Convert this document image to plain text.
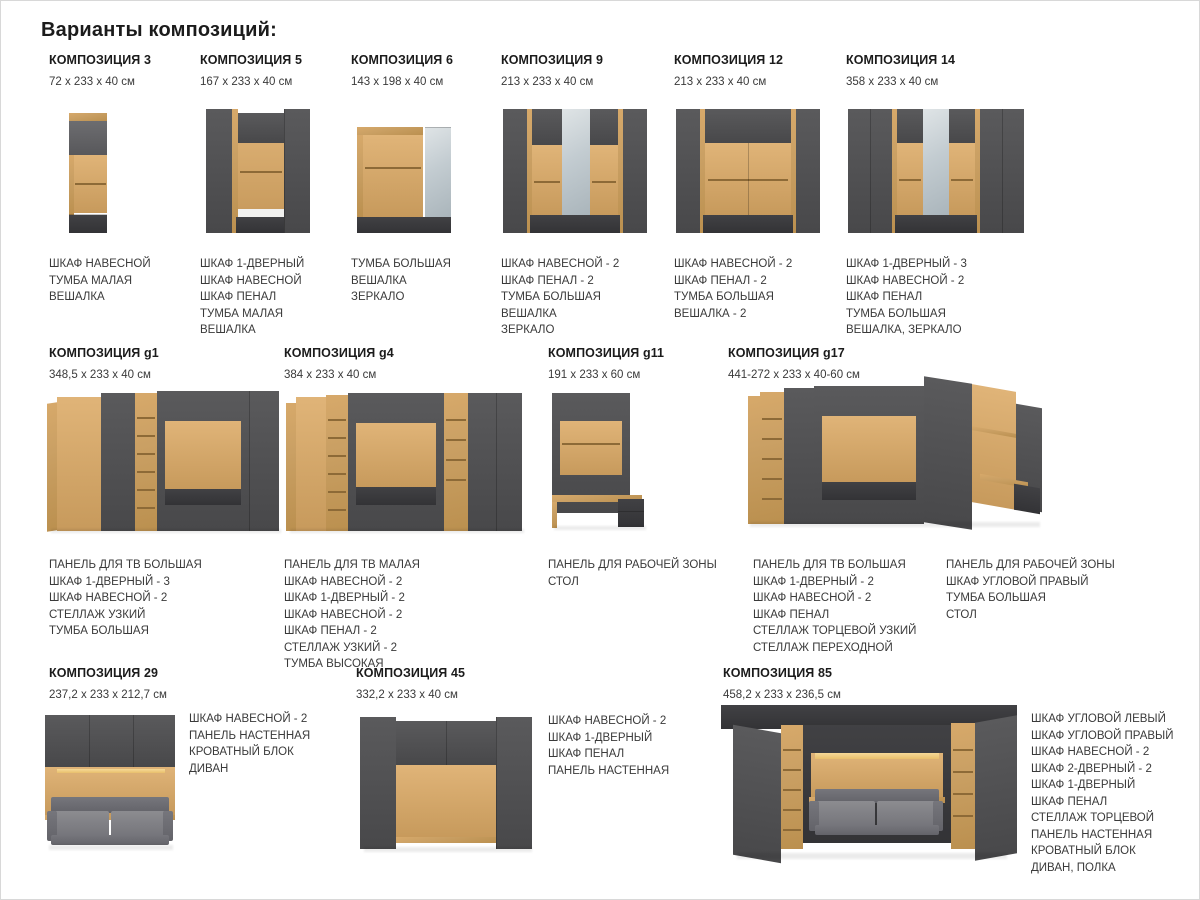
Варианты композиций:
КОМПОЗИЦИЯ 3
72 x 233 x 40 см
КОМПОЗИЦИЯ 5
167 x 233 x 40 см
КОМПОЗИЦИЯ 6
143 x 198 x 40 см
КОМПОЗИЦИЯ 9
213 x 233 x 40 см
КОМПОЗИЦИЯ 12
213 x 233 x 40 см
КОМПОЗИЦИЯ 14
358 x 233 x 40 см
ШКАФ НАВЕСНОЙ
ТУМБА МАЛАЯ
ВЕШАЛКА
ШКАФ 1-ДВЕРНЫЙ
ШКАФ НАВЕСНОЙ
ШКАФ ПЕНАЛ
ТУМБА МАЛАЯ
ВЕШАЛКА
ТУМБА БОЛЬШАЯ
ВЕШАЛКА
ЗЕРКАЛО
ШКАФ НАВЕСНОЙ - 2
ШКАФ ПЕНАЛ - 2
ТУМБА БОЛЬШАЯ
ВЕШАЛКА
ЗЕРКАЛО
ШКАФ НАВЕСНОЙ - 2
ШКАФ ПЕНАЛ - 2
ТУМБА БОЛЬШАЯ
ВЕШАЛКА - 2
ШКАФ 1-ДВЕРНЫЙ - 3
ШКАФ НАВЕСНОЙ - 2
ШКАФ ПЕНАЛ
ТУМБА БОЛЬШАЯ
ВЕШАЛКА, ЗЕРКАЛО
КОМПОЗИЦИЯ g1
348,5 x 233 x 40 см
КОМПОЗИЦИЯ g4
384 x 233 x 40 см
КОМПОЗИЦИЯ g11
191 x 233 x 60 см
КОМПОЗИЦИЯ g17
441-272 x 233 x 40-60 см
ПАНЕЛЬ ДЛЯ ТВ БОЛЬШАЯ
ШКАФ 1-ДВЕРНЫЙ - 3
ШКАФ НАВЕСНОЙ - 2
СТЕЛЛАЖ УЗКИЙ
ТУМБА БОЛЬШАЯ
ПАНЕЛЬ ДЛЯ ТВ МАЛАЯ
ШКАФ НАВЕСНОЙ - 2
ШКАФ 1-ДВЕРНЫЙ - 2
ШКАФ НАВЕСНОЙ - 2
ШКАФ ПЕНАЛ - 2
СТЕЛЛАЖ УЗКИЙ - 2
ТУМБА ВЫСОКАЯ
ПАНЕЛЬ ДЛЯ РАБОЧЕЙ ЗОНЫ
СТОЛ
ПАНЕЛЬ ДЛЯ ТВ БОЛЬШАЯ
ШКАФ 1-ДВЕРНЫЙ - 2
ШКАФ НАВЕСНОЙ - 2
ШКАФ ПЕНАЛ
СТЕЛЛАЖ ТОРЦЕВОЙ УЗКИЙ
СТЕЛЛАЖ ПЕРЕХОДНОЙ
ПАНЕЛЬ ДЛЯ РАБОЧЕЙ ЗОНЫ
ШКАФ УГЛОВОЙ ПРАВЫЙ
ТУМБА БОЛЬШАЯ
СТОЛ
КОМПОЗИЦИЯ 29
237,2 x 233 x 212,7 см
ШКАФ НАВЕСНОЙ - 2
ПАНЕЛЬ НАСТЕННАЯ
КРОВАТНЫЙ БЛОК
ДИВАН
КОМПОЗИЦИЯ 45
332,2 x 233 x 40 см
ШКАФ НАВЕСНОЙ - 2
ШКАФ 1-ДВЕРНЫЙ
ШКАФ ПЕНАЛ
ПАНЕЛЬ НАСТЕННАЯ
КОМПОЗИЦИЯ 85
458,2 x 233 x 236,5 см
ШКАФ УГЛОВОЙ ЛЕВЫЙ
ШКАФ УГЛОВОЙ ПРАВЫЙ
ШКАФ НАВЕСНОЙ - 2
ШКАФ 2-ДВЕРНЫЙ - 2
ШКАФ 1-ДВЕРНЫЙ
ШКАФ ПЕНАЛ
СТЕЛЛАЖ ТОРЦЕВОЙ
ПАНЕЛЬ НАСТЕННАЯ
КРОВАТНЫЙ БЛОК
ДИВАН, ПОЛКА
